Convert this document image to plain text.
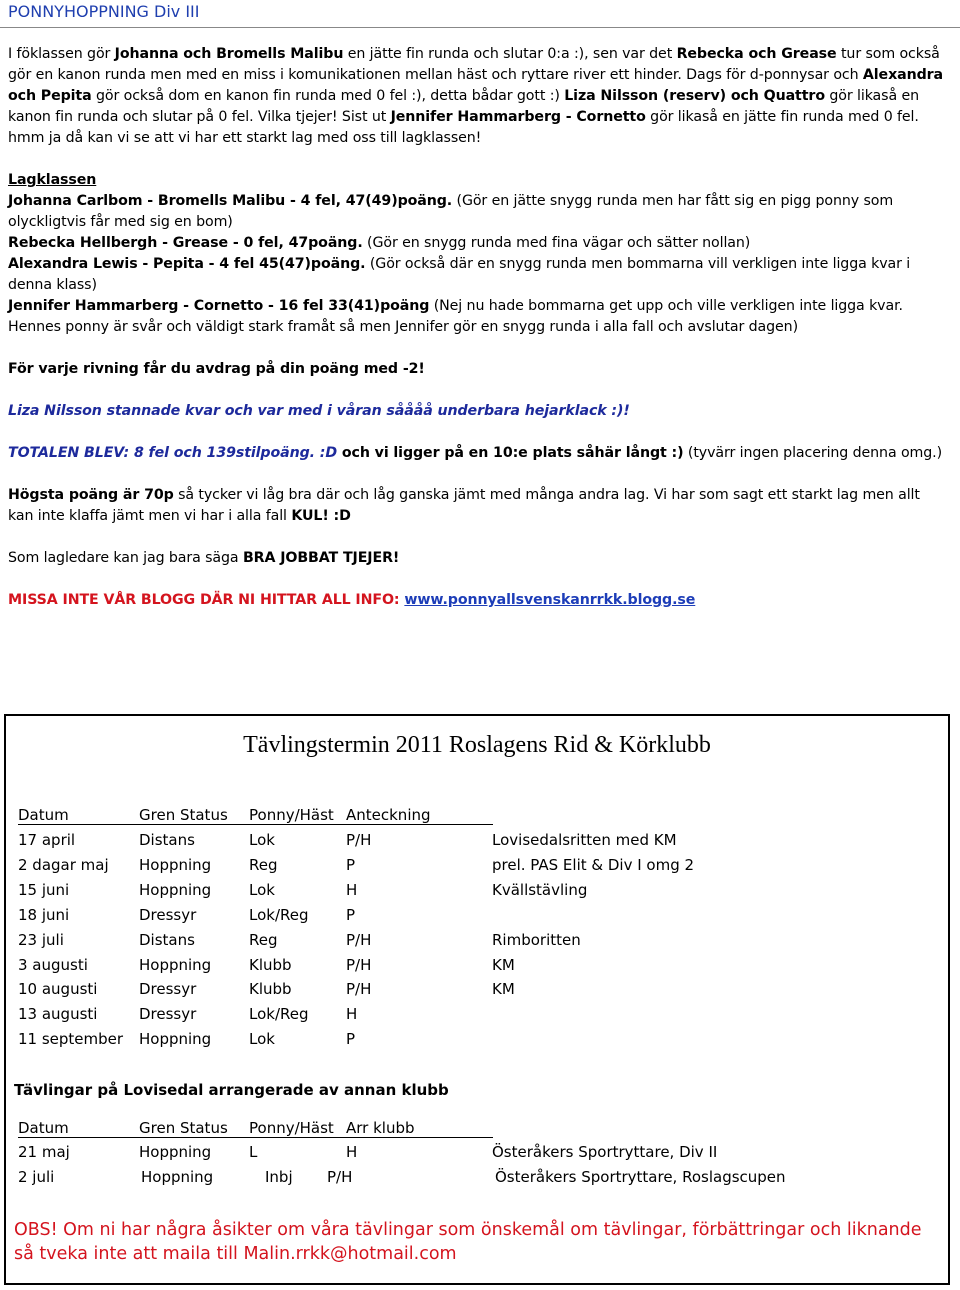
PONNYHOPPNING Div III

I föklassen gör Johanna och Bromells Malibu en jätte fin runda och slutar 0:a :), sen var det Rebecka och Grease tur som också gör en kanon runda men med en miss i komunikationen mellan häst och ryttare river ett hinder. Dags för d-ponnysar och Alexandra och Pepita gör också dom en kanon fin runda med 0 fel :), detta bådar gott :) Liza Nilsson (reserv) och Quattro gör likaså en kanon fin runda och slutar på 0 fel. Vilka tjejer! Sist ut Jennifer Hammarberg - Cornetto gör likaså en jätte fin runda med 0 fel. hmm ja då kan vi se att vi har ett starkt lag med oss till lagklassen!

Lagklassen

Johanna Carlbom - Bromells Malibu - 4 fel, 47(49)poäng. (Gör en jätte snygg runda men har fått sig en pigg ponny som olyckligtvis får med sig en bom)

Rebecka Hellbergh - Grease - 0 fel, 47poäng. (Gör en snygg runda med fina vägar och sätter nollan)

Alexandra Lewis - Pepita - 4 fel 45(47)poäng. (Gör också där en snygg runda men bommarna vill verkligen inte ligga kvar i denna klass)

Jennifer Hammarberg - Cornetto - 16 fel 33(41)poäng (Nej nu hade bommarna get upp och ville verkligen inte ligga kvar. Hennes ponny är svår och väldigt stark framåt så men Jennifer gör en snygg runda i alla fall och avslutar dagen)

För varje rivning får du avdrag på din poäng med -2!

Liza Nilsson stannade kvar och var med i våran såååå underbara hejarklack :)!

TOTALEN BLEV: 8 fel och 139stilpoäng. :D och vi ligger på en 10:e plats såhär långt :) (tyvärr ingen placering denna omg.)

Högsta poäng är 70p så tycker vi låg bra där och låg ganska jämt med många andra lag. Vi har som sagt ett starkt lag men allt kan inte klaffa jämt men vi har i alla fall KUL! :D

Som lagledare kan jag bara säga BRA JOBBAT TJEJER!

MISSA INTE VÅR BLOGG DÄR NI HITTAR ALL INFO: www.ponnyallsvenskanrrkk.blogg.se

Tävlingstermin 2011 Roslagens Rid & Körklubb
Datum	Gren Status Ponny/Häst Anteckning
17 april	Distans	Lok	P/H	Lovisedalsritten med KM
2 dagar maj Hoppning	Reg	P	prel. PAS Elit & Div I omg 2
15 juni	Hoppning	Lok	H	Kvällstävling
18 juni	Dressyr	Lok/Reg P
23 juli	Distans	Reg	P/H	Rimboritten
3 augusti	Hoppning	Klubb	P/H	KM
10 augusti	Dressyr	Klubb	P/H	KM
13 augusti	Dressyr	Lok/Reg H
11 september Hoppning	Lok	P
Datum	Gren Status Ponny/Häst Arr klubb
21 maj	Hoppning	L	H	Österåkers Sportryttare, Div II
2 juli	Hoppning	Inbj P/H	Österåkers Sportryttare, Roslagscupen
Tävlingar på Lovisedal arrangerade av annan klubb
OBS! Om ni har några åsikter om våra tävlingar som önskemål om tävlingar, förbättringar och liknande så tveka inte att maila till Malin.rrkk@hotmail.com
